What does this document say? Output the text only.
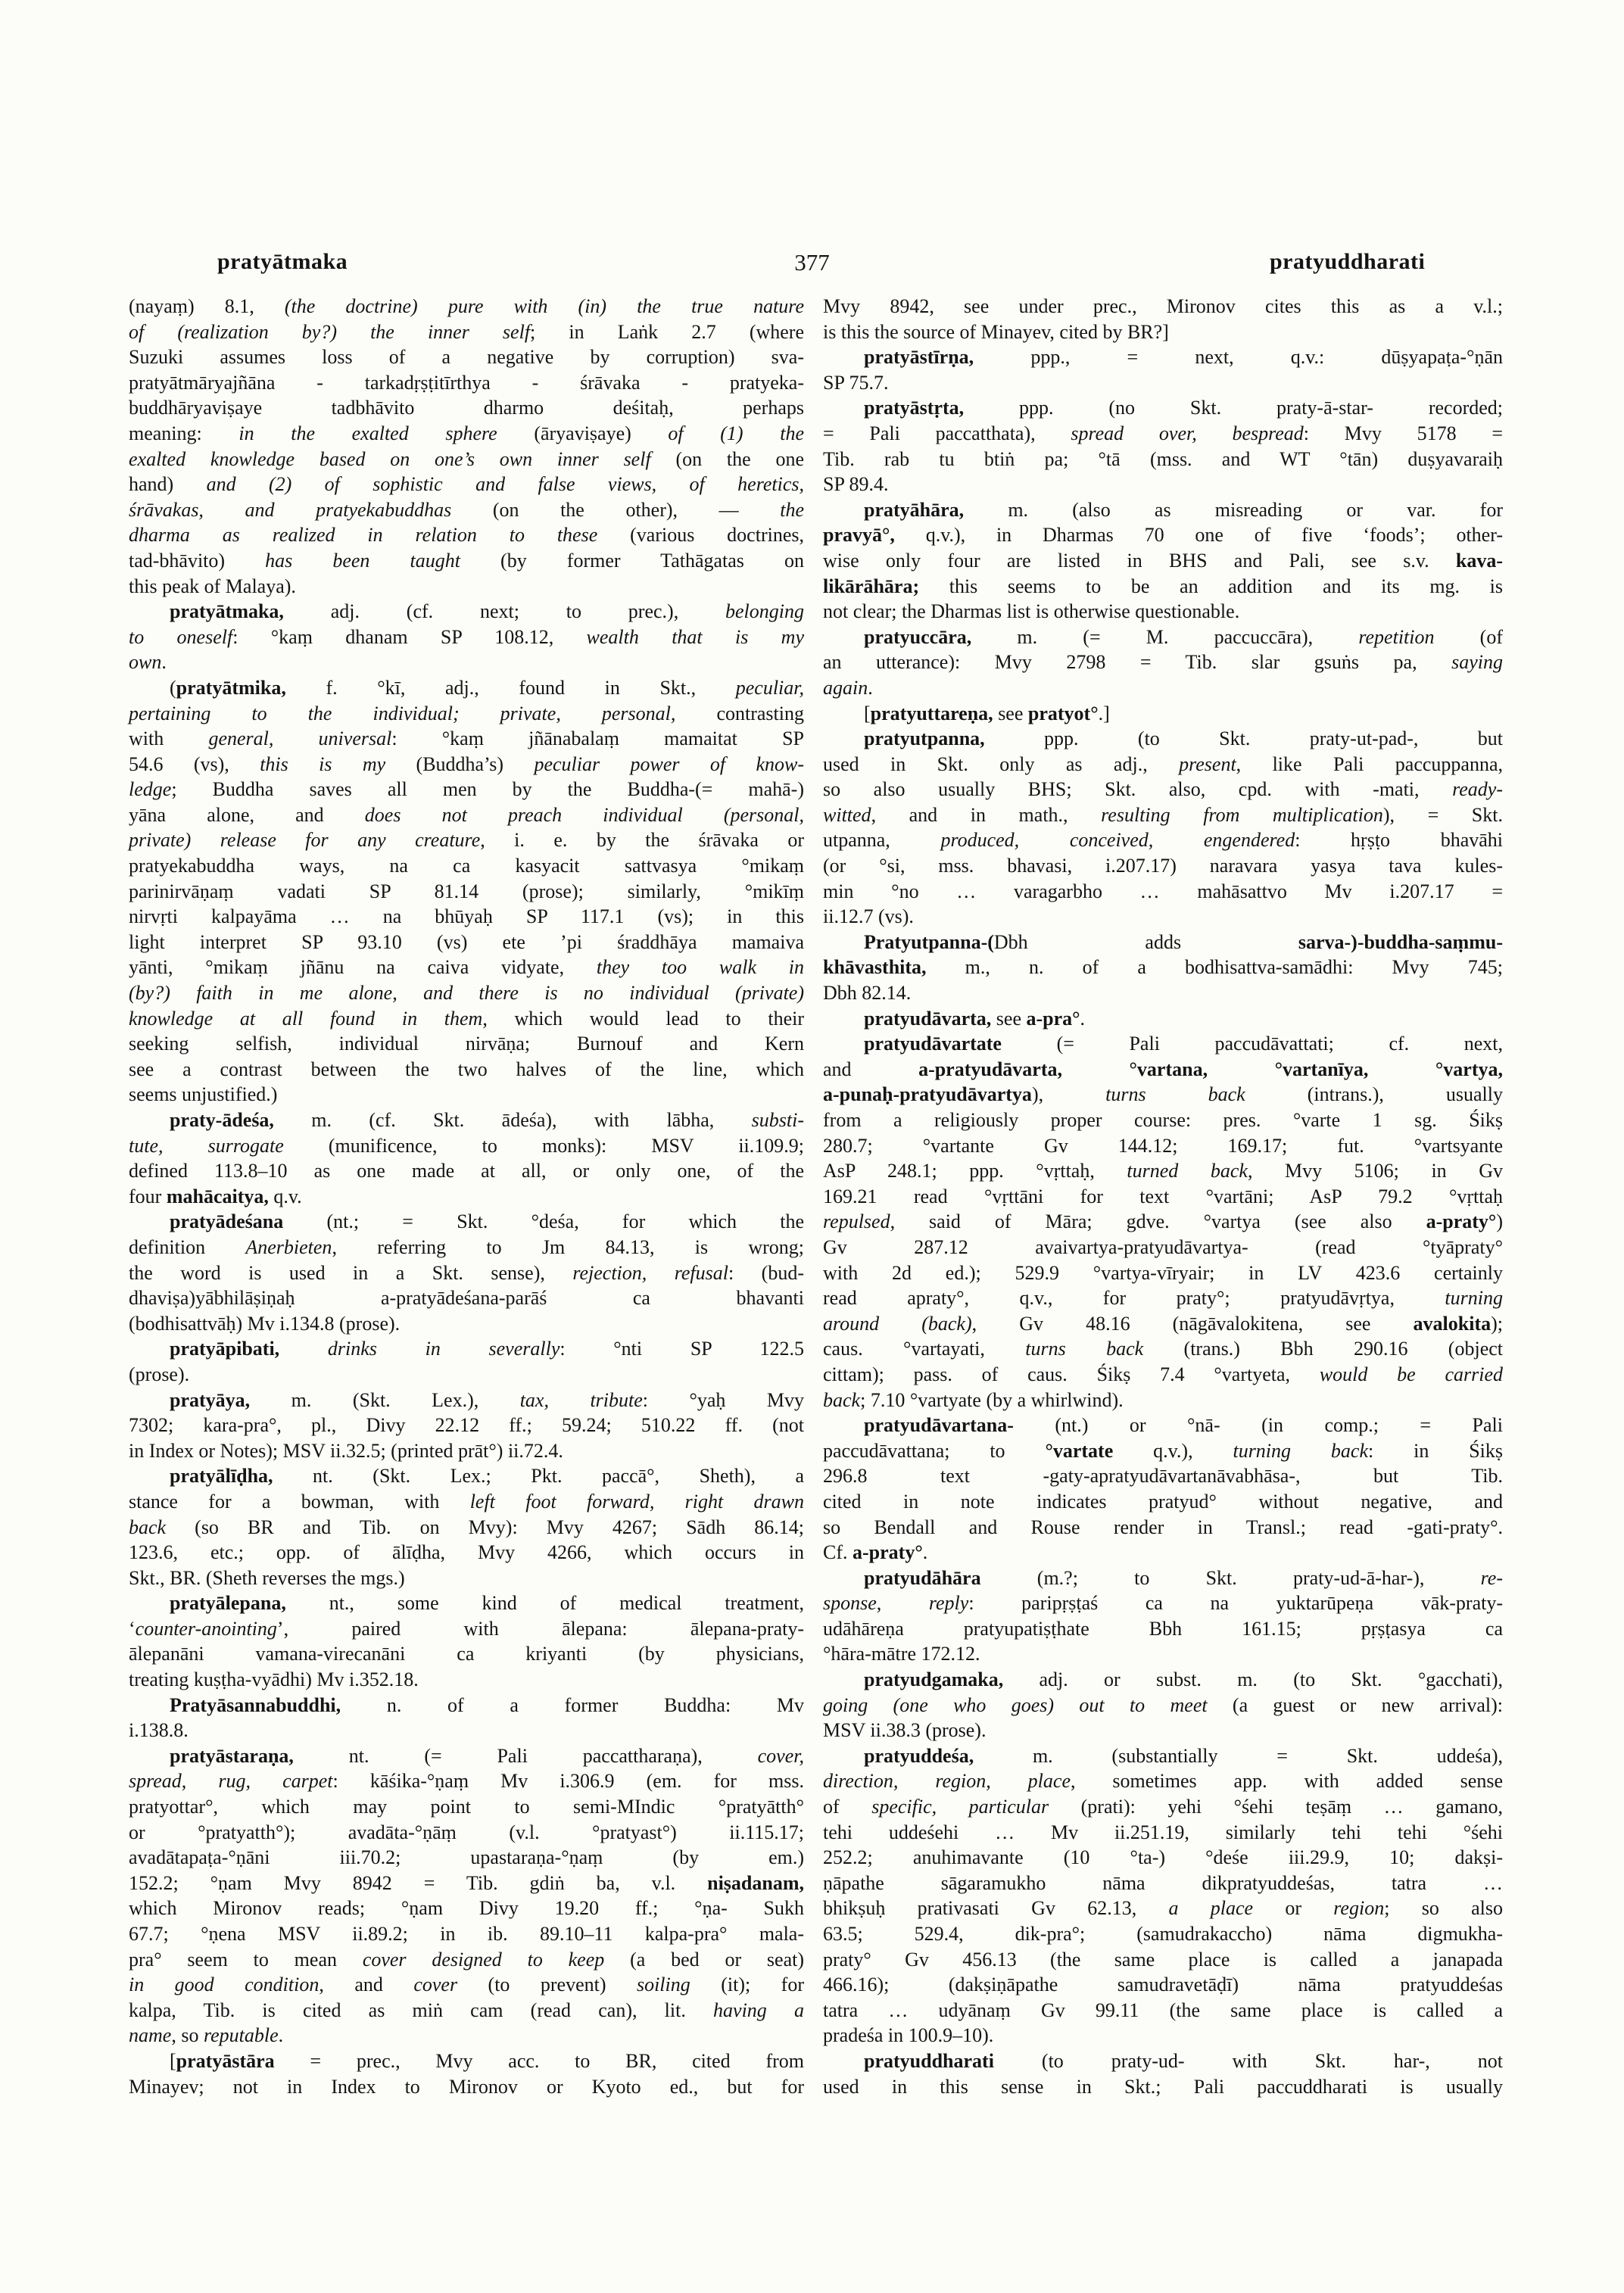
377
pratyātmaka	pratyuddharati
(nayaṃ) 8.1, (the doctrine) pure with (in) the true nature
of (realization by?) the inner self; in Laṅk 2.7 (where
Suzuki assumes loss of a negative by corruption) sva-
pratyātmāryajñāna - tarkadṛṣṭitīrthya - śrāvaka - pratyeka-
buddhāryaviṣaye tadbhāvito dharmo deśitaḥ, perhaps
meaning: in the exalted sphere (āryaviṣaye) of (1) the
exalted knowledge based on one’s own inner self (on the one
hand) and (2) of sophistic and false views, of heretics,
śrāvakas, and pratyekabuddhas (on the other), — the
dharma as realized in relation to these (various doctrines,
tad-bhāvito) has been taught (by former Tathāgatas on
this peak of Malaya).
pratyātmaka, adj. (cf. next; to prec.), belonging
to oneself: °kaṃ dhanam SP 108.12, wealth that is my
own.
(pratyātmika, f. °kī, adj., found in Skt., peculiar,
pertaining to the individual; private, personal, contrasting
with general, universal: °kaṃ jñānabalaṃ mamaitat SP
54.6 (vs), this is my (Buddha’s) peculiar power of know-
ledge; Buddha saves all men by the Buddha-(= mahā-)
yāna alone, and does not preach individual (personal,
private) release for any creature, i. e. by the śrāvaka or
pratyekabuddha ways, na ca kasyacit sattvasya °mikaṃ
parinirvāṇaṃ vadati SP 81.14 (prose); similarly, °mikīṃ
nirvṛti kalpayāma … na bhūyaḥ SP 117.1 (vs); in this
light interpret SP 93.10 (vs) ete ’pi śraddhāya mamaiva
yānti, °mikaṃ jñānu na caiva vidyate, they too walk in
(by?) faith in me alone, and there is no individual (private)
knowledge at all found in them, which would lead to their
seeking selfish, individual nirvāṇa; Burnouf and Kern
see a contrast between the two halves of the line, which
seems unjustified.)
praty-ādeśa, m. (cf. Skt. ādeśa), with lābha, substi-
tute, surrogate (munificence, to monks): MSV ii.109.9;
defined 113.8–10 as one made at all, or only one, of the
four mahācaitya, q.v.
pratyādeśana (nt.; = Skt. °deśa, for which the
definition Anerbieten, referring to Jm 84.13, is wrong;
the word is used in a Skt. sense), rejection, refusal: (bud-
dhaviṣa)yābhilāṣiṇaḥ a-pratyādeśana-parāś ca bhavanti
(bodhisattvāḥ) Mv i.134.8 (prose).
pratyāpibati, drinks in severally: °nti SP 122.5
(prose).
pratyāya, m. (Skt. Lex.), tax, tribute: °yaḥ Mvy
7302; kara-pra°, pl., Divy 22.12 ff.; 59.24; 510.22 ff. (not
in Index or Notes); MSV ii.32.5; (printed prāt°) ii.72.4.
pratyālīḍha, nt. (Skt. Lex.; Pkt. paccā°, Sheth), a
stance for a bowman, with left foot forward, right drawn
back (so BR and Tib. on Mvy): Mvy 4267; Sādh 86.14;
123.6, etc.; opp. of ālīḍha, Mvy 4266, which occurs in
Skt., BR. (Sheth reverses the mgs.)
pratyālepana, nt., some kind of medical treatment,
‘counter-anointing’, paired with ālepana: ālepana-praty-
ālepanāni vamana-virecanāni ca kriyanti (by physicians,
treating kuṣṭha-vyādhi) Mv i.352.18.
Pratyāsannabuddhi, n. of a former Buddha: Mv
i.138.8.
pratyāstaraṇa, nt. (= Pali paccattharaṇa), cover,
spread, rug, carpet: kāśika-°ṇaṃ Mv i.306.9 (em. for mss.
pratyottar°, which may point to semi-MIndic °pratyātth°
or °pratyatth°); avadāta-°ṇāṃ (v.l. °pratyast°) ii.115.17;
avadātapaṭa-°ṇāni iii.70.2; upastaraṇa-°ṇaṃ (by em.)
152.2; °ṇam Mvy 8942 = Tib. gdiṅ ba, v.l. niṣadanam,
which Mironov reads; °ṇam Divy 19.20 ff.; °ṇa- Sukh
67.7; °ṇena MSV ii.89.2; in ib. 89.10–11 kalpa-pra° mala-
pra° seem to mean cover designed to keep (a bed or seat)
in good condition, and cover (to prevent) soiling (it); for
kalpa, Tib. is cited as miṅ cam (read can), lit. having a
name, so reputable.
[pratyāstāra = prec., Mvy acc. to BR, cited from
Minayev; not in Index to Mironov or Kyoto ed., but for
Mvy 8942, see under prec., Mironov cites this as a v.l.;
is this the source of Minayev, cited by BR?]
pratyāstīrṇa, ppp., = next, q.v.: dūṣyapaṭa-°ṇān
SP 75.7.
pratyāstṛta, ppp. (no Skt. praty-ā-star- recorded;
= Pali paccatthata), spread over, bespread: Mvy 5178 =
Tib. rab tu btiṅ pa; °tā (mss. and WT °tān) duṣyavaraiḥ
SP 89.4.
pratyāhāra, m. (also as misreading or var. for
pravyā°, q.v.), in Dharmas 70 one of five ‘foods’; other-
wise only four are listed in BHS and Pali, see s.v. kava-
likārāhāra; this seems to be an addition and its mg. is
not clear; the Dharmas list is otherwise questionable.
pratyuccāra, m. (= M. paccuccāra), repetition (of
an utterance): Mvy 2798 = Tib. slar gsuṅs pa, saying
again.
[pratyuttareṇa, see pratyot°.]
pratyutpanna, ppp. (to Skt. praty-ut-pad-, but
used in Skt. only as adj., present, like Pali paccuppanna,
so also usually BHS; Skt. also, cpd. with -mati, ready-
witted, and in math., resulting from multiplication), = Skt.
utpanna, produced, conceived, engendered: hṛṣṭo bhavāhi
(or °si, mss. bhavasi, i.207.17) naravara yasya tava kules-
min °no … varagarbho … mahāsattvo Mv i.207.17 =
ii.12.7 (vs).
Pratyutpanna-(Dbh adds sarva-)-buddha-saṃmu-
khāvasthita, m., n. of a bodhisattva-samādhi: Mvy 745;
Dbh 82.14.
pratyudāvarta, see a-pra°.
pratyudāvartate (= Pali paccudāvattati; cf. next,
and a-pratyudāvarta, °vartana, °vartanīya, °vartya,
a-punaḥ-pratyudāvartya), turns back (intrans.), usually
from a religiously proper course: pres. °varte 1 sg. Śikṣ
280.7; °vartante Gv 144.12; 169.17; fut. °vartsyante
AsP 248.1; ppp. °vṛttaḥ, turned back, Mvy 5106; in Gv
169.21 read °vṛttāni for text °vartāni; AsP 79.2 °vṛttaḥ
repulsed, said of Māra; gdve. °vartya (see also a-praty°)
Gv 287.12 avaivartya-pratyudāvartya- (read °tyāpraty°
with 2d ed.); 529.9 °vartya-vīryair; in LV 423.6 certainly
read apraty°, q.v., for praty°; pratyudāvṛtya, turning
around (back), Gv 48.16 (nāgāvalokitena, see avalokita);
caus. °vartayati, turns back (trans.) Bbh 290.16 (object
cittam); pass. of caus. Śikṣ 7.4 °vartyeta, would be carried
back; 7.10 °vartyate (by a whirlwind).
pratyudāvartana- (nt.) or °nā- (in comp.; = Pali
paccudāvattana; to °vartate q.v.), turning back: in Śikṣ
296.8 text -gaty-apratyudāvartanāvabhāsa-, but Tib.
cited in note indicates pratyud° without negative, and
so Bendall and Rouse render in Transl.; read -gati-praty°.
Cf. a-praty°.
pratyudāhāra (m.?; to Skt. praty-ud-ā-har-), re-
sponse, reply: paripṛṣṭaś ca na yuktarūpeṇa vāk-praty-
udāhāreṇa pratyupatiṣṭhate Bbh 161.15; pṛṣṭasya ca
°hāra-mātre 172.12.
pratyudgamaka, adj. or subst. m. (to Skt. °gacchati),
going (one who goes) out to meet (a guest or new arrival):
MSV ii.38.3 (prose).
pratyuddeśa, m. (substantially = Skt. uddeśa),
direction, region, place, sometimes app. with added sense
of specific, particular (prati): yehi °śehi teṣāṃ … gamano,
tehi uddeśehi … Mv ii.251.19, similarly tehi tehi °śehi
252.2; anuhimavante (10 °ta-) °deśe iii.29.9, 10; dakṣi-
ṇāpathe sāgaramukho nāma dikpratyuddeśas, tatra …
bhikṣuḥ prativasati Gv 62.13, a place or region; so also
63.5; 529.4, dik-pra°; (samudrakaccho) nāma digmukha-
praty° Gv 456.13 (the same place is called a janapada
466.16); (dakṣiṇāpathe samudravetāḍī) nāma pratyuddeśas
tatra … udyānaṃ Gv 99.11 (the same place is called a
pradeśa in 100.9–10).
pratyuddharati (to praty-ud- with Skt. har-, not
used in this sense in Skt.; Pali paccuddharati is usually
